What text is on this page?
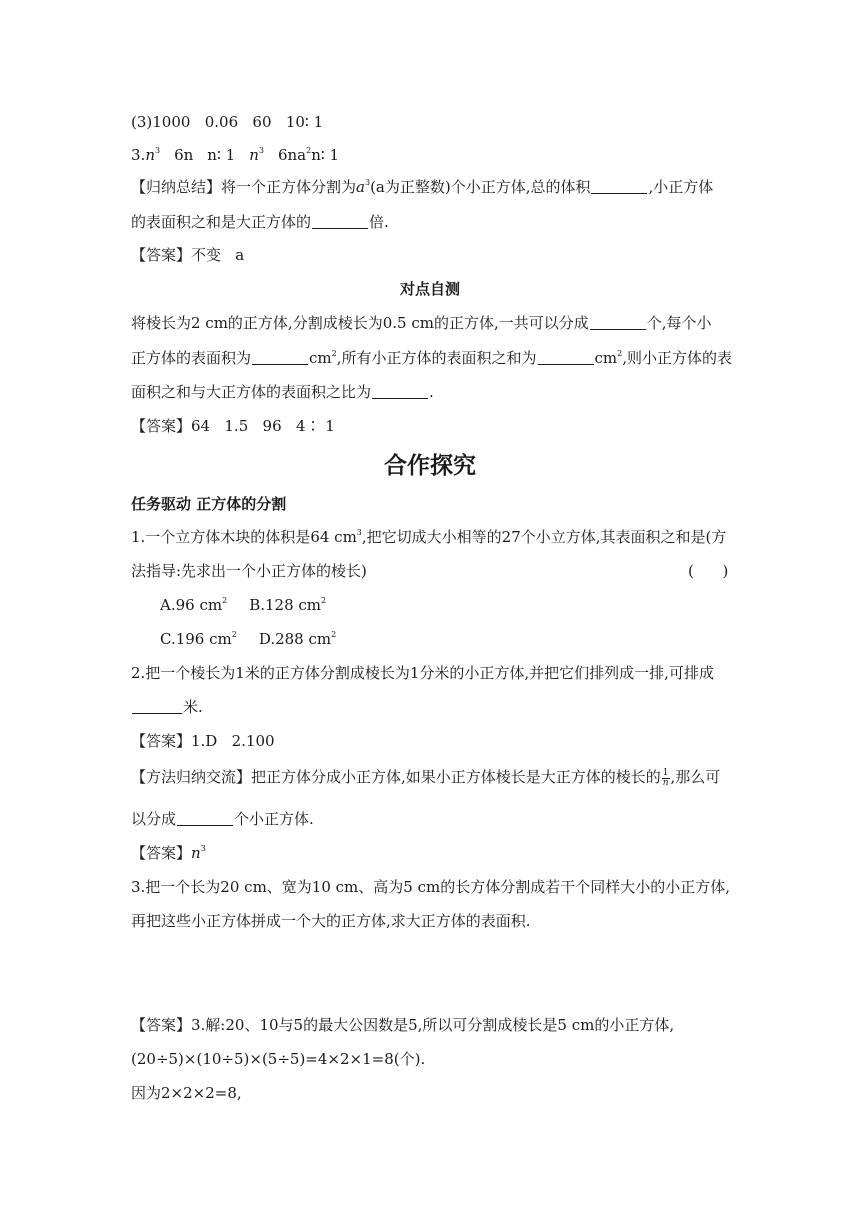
(3)1000   0.06   60   10∶ 1
$3.n^3$ 6n n∶ 1 $n^3$ $6na^2n∶$ 1
【归纳总结】将一个正方体分割为$a^3(a$为正整数)个小正方体,总的体积	,小正方体
的表面积之和是大正方体的	倍.
【答案】不变   a
对点自测
将棱长为2 cm的正方体,分割成棱长为0.5 cm的正方体,一共可以分成	个,每个小
正方体的表面积为	$cm^2$,所有小正方体的表面积之和为	$cm^2$,则小正方体的表
面积之和与大正方体的表面积之比为	.
【答案】64   1.5   96   4∶ 1
合作探究
任务驱动 正方体的分割
1.一个立方体木块的体积是64 $cm^3$,把它切成大小相等的27个小立方体,其表面积之和是(方
法指导:先求出一个小正方体的棱长)	(      )
A.96 $cm^2$ B.128 $cm^2$
C.196 $cm^2$ D.288 $cm^2$
2.把一个棱长为1米的正方体分割成棱长为1分米的小正方体,并把它们排列成一排,可排成
米.
【答案】1.D   2.100
【方法归纳交流】把正方体分成小正方体,如果小正方体棱长是大正方体的棱长的 $\frac{1}{n}$ ,那么可
以分成	个小正方体.
【答案】$n^3$
3.把一个长为20 cm、宽为10 cm、高为5 cm的长方体分割成若干个同样大小的小正方体,
再把这些小正方体拼成一个大的正方体,求大正方体的表面积.
【答案】3.解:20、10与5的最大公因数是5,所以可分割成棱长是5 cm的小正方体,
(20÷5)×(10÷5)×(5÷5)=4×2×1=8(个).
因为2×2×2=8,
